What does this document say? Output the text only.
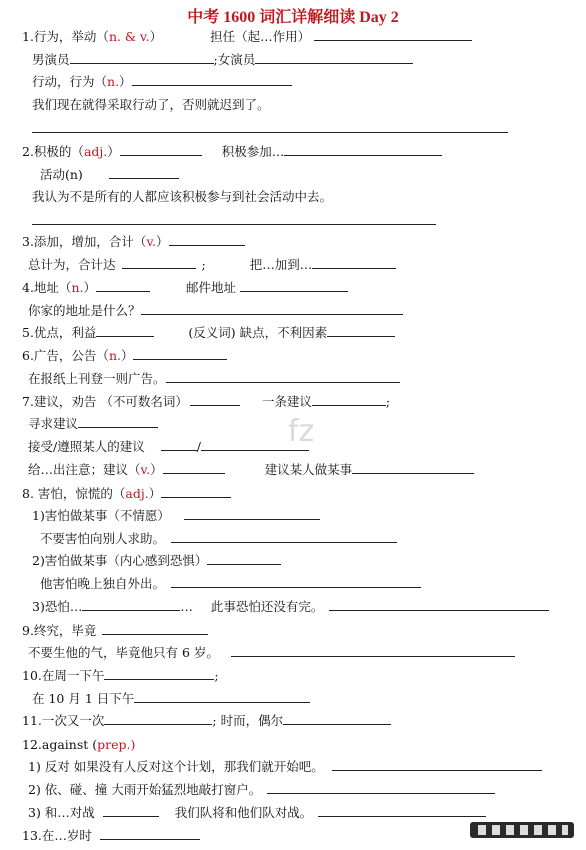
中考 1600 词汇详解细读 Day 2
1.行为，举动（n. & v.）	担任（起…作用）
男演员	;女演员
行动，行为（n.）
我们现在就得采取行动了，否则就迟到了。
2.积极的（adj.）	积极参加…
活动(n)
我认为不是所有的人都应该积极参与到社会活动中去。
3.添加，增加，合计（v.）
总计为，合计达	;	把…加到…
4.地址（n.）	邮件地址
你家的地址是什么？
5.优点，利益	(反义词) 缺点，不利因素
6.广告，公告（n.）
在报纸上刊登一则广告。
7.建议，劝告 （不可数名词）	一条建议	;
寻求建议
接受/遵照某人的建议	/
给…出注意；建议（v.）	建议某人做某事
8. 害怕，惊慌的（adj.）
1)害怕做某事（不情愿）
不要害怕向别人求助。
2)害怕做某事（内心感到恐惧）
他害怕晚上独自外出。
3)恐怕…	… 此事恐怕还没有完。
9.终究，毕竟
不要生他的气，毕竟他只有 6 岁。
10.在周一下午	;
在 10 月 1 日下午
11.一次又一次	; 时而，偶尔
12.against (prep.)
1) 反对 如果没有人反对这个计划，那我们就开始吧。
2) 依、碰、撞 大雨开始猛烈地敲打窗户。
3) 和…对战	我们队将和他们队对战。
13.在…岁时
fz
